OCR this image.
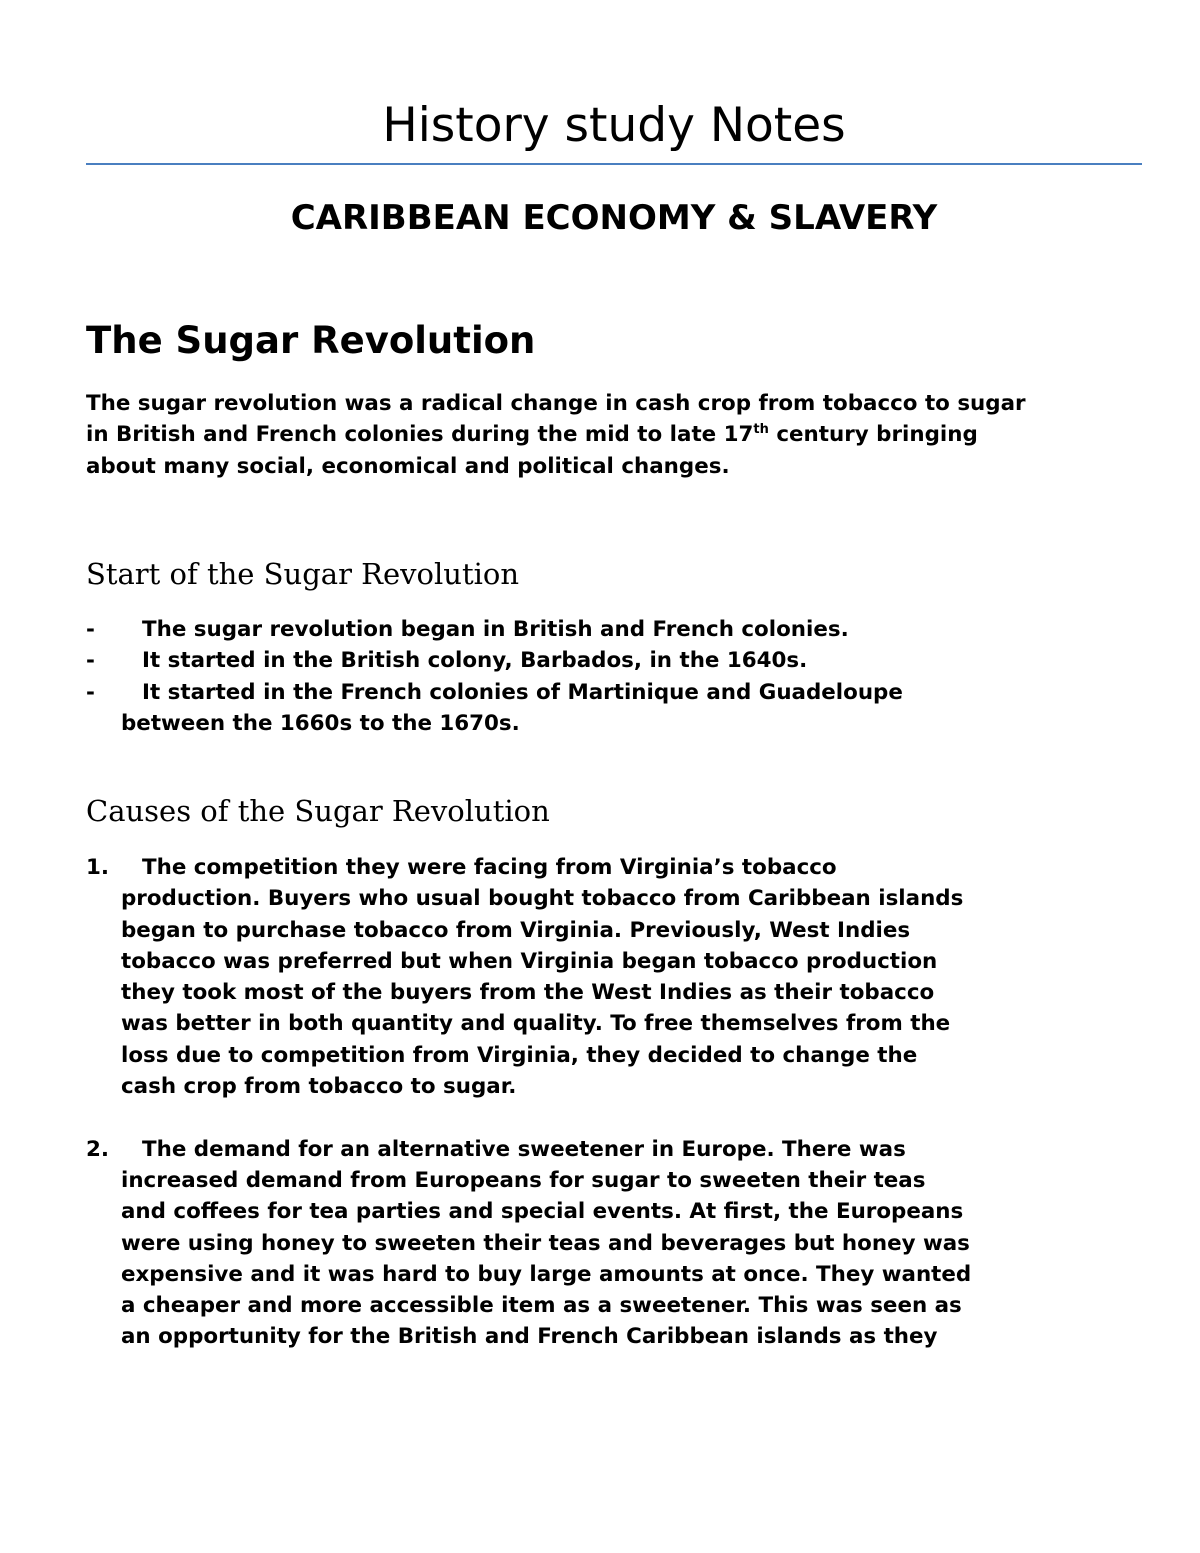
History study Notes
CARIBBEAN ECONOMY & SLAVERY
The Sugar Revolution

The sugar revolution was a radical change in cash crop from tobacco to sugar
in British and French colonies during the mid to late 17th century bringing
about many social, economical and political changes.

Start of the Sugar Revolution
-	The sugar revolution began in British and French colonies.
-	It started in the British colony, Barbados, in the 1640s.
-	It started in the French colonies of Martinique and Guadeloupe
between the 1660s to the 1670s.
Causes of the Sugar Revolution
1.	The competition they were facing from Virginia’s tobacco
production. Buyers who usual bought tobacco from Caribbean islands
began to purchase tobacco from Virginia. Previously, West Indies
tobacco was preferred but when Virginia began tobacco production
they took most of the buyers from the West Indies as their tobacco
was better in both quantity and quality. To free themselves from the
loss due to competition from Virginia, they decided to change the
cash crop from tobacco to sugar.
2.	The demand for an alternative sweetener in Europe. There was
increased demand from Europeans for sugar to sweeten their teas
and coffees for tea parties and special events. At first, the Europeans
were using honey to sweeten their teas and beverages but honey was
expensive and it was hard to buy large amounts at once. They wanted
a cheaper and more accessible item as a sweetener. This was seen as
an opportunity for the British and French Caribbean islands as they
